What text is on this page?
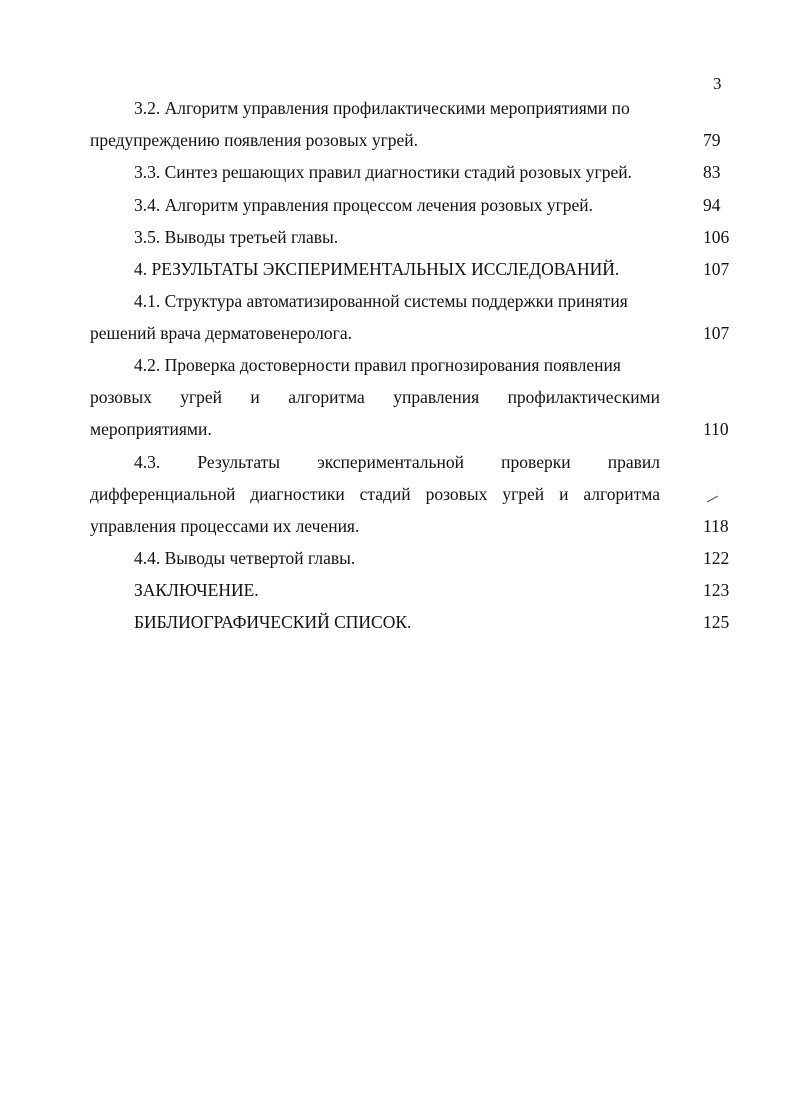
3
3.2. Алгоритм управления профилактическими мероприятиями по
предупреждению появления розовых угрей.	79
3.3. Синтез решающих правил диагностики стадий розовых угрей.	83
3.4. Алгоритм управления процессом лечения розовых угрей.	94
3.5. Выводы третьей главы.	106
4. РЕЗУЛЬТАТЫ ЭКСПЕРИМЕНТАЛЬНЫХ ИССЛЕДОВАНИЙ.	107
4.1. Структура автоматизированной системы поддержки принятия
решений врача дерматовенеролога.	107
4.2. Проверка достоверности правил прогнозирования появления
розовых угрей и алгоритма управления профилактическими
мероприятиями.	110
4.3. Результаты экспериментальной проверки правил
дифференциальной диагностики стадий розовых угрей и алгоритма
управления процессами их лечения.	118
4.4. Выводы четвертой главы.	122
ЗАКЛЮЧЕНИЕ.	123
БИБЛИОГРАФИЧЕСКИЙ СПИСОК.	125
